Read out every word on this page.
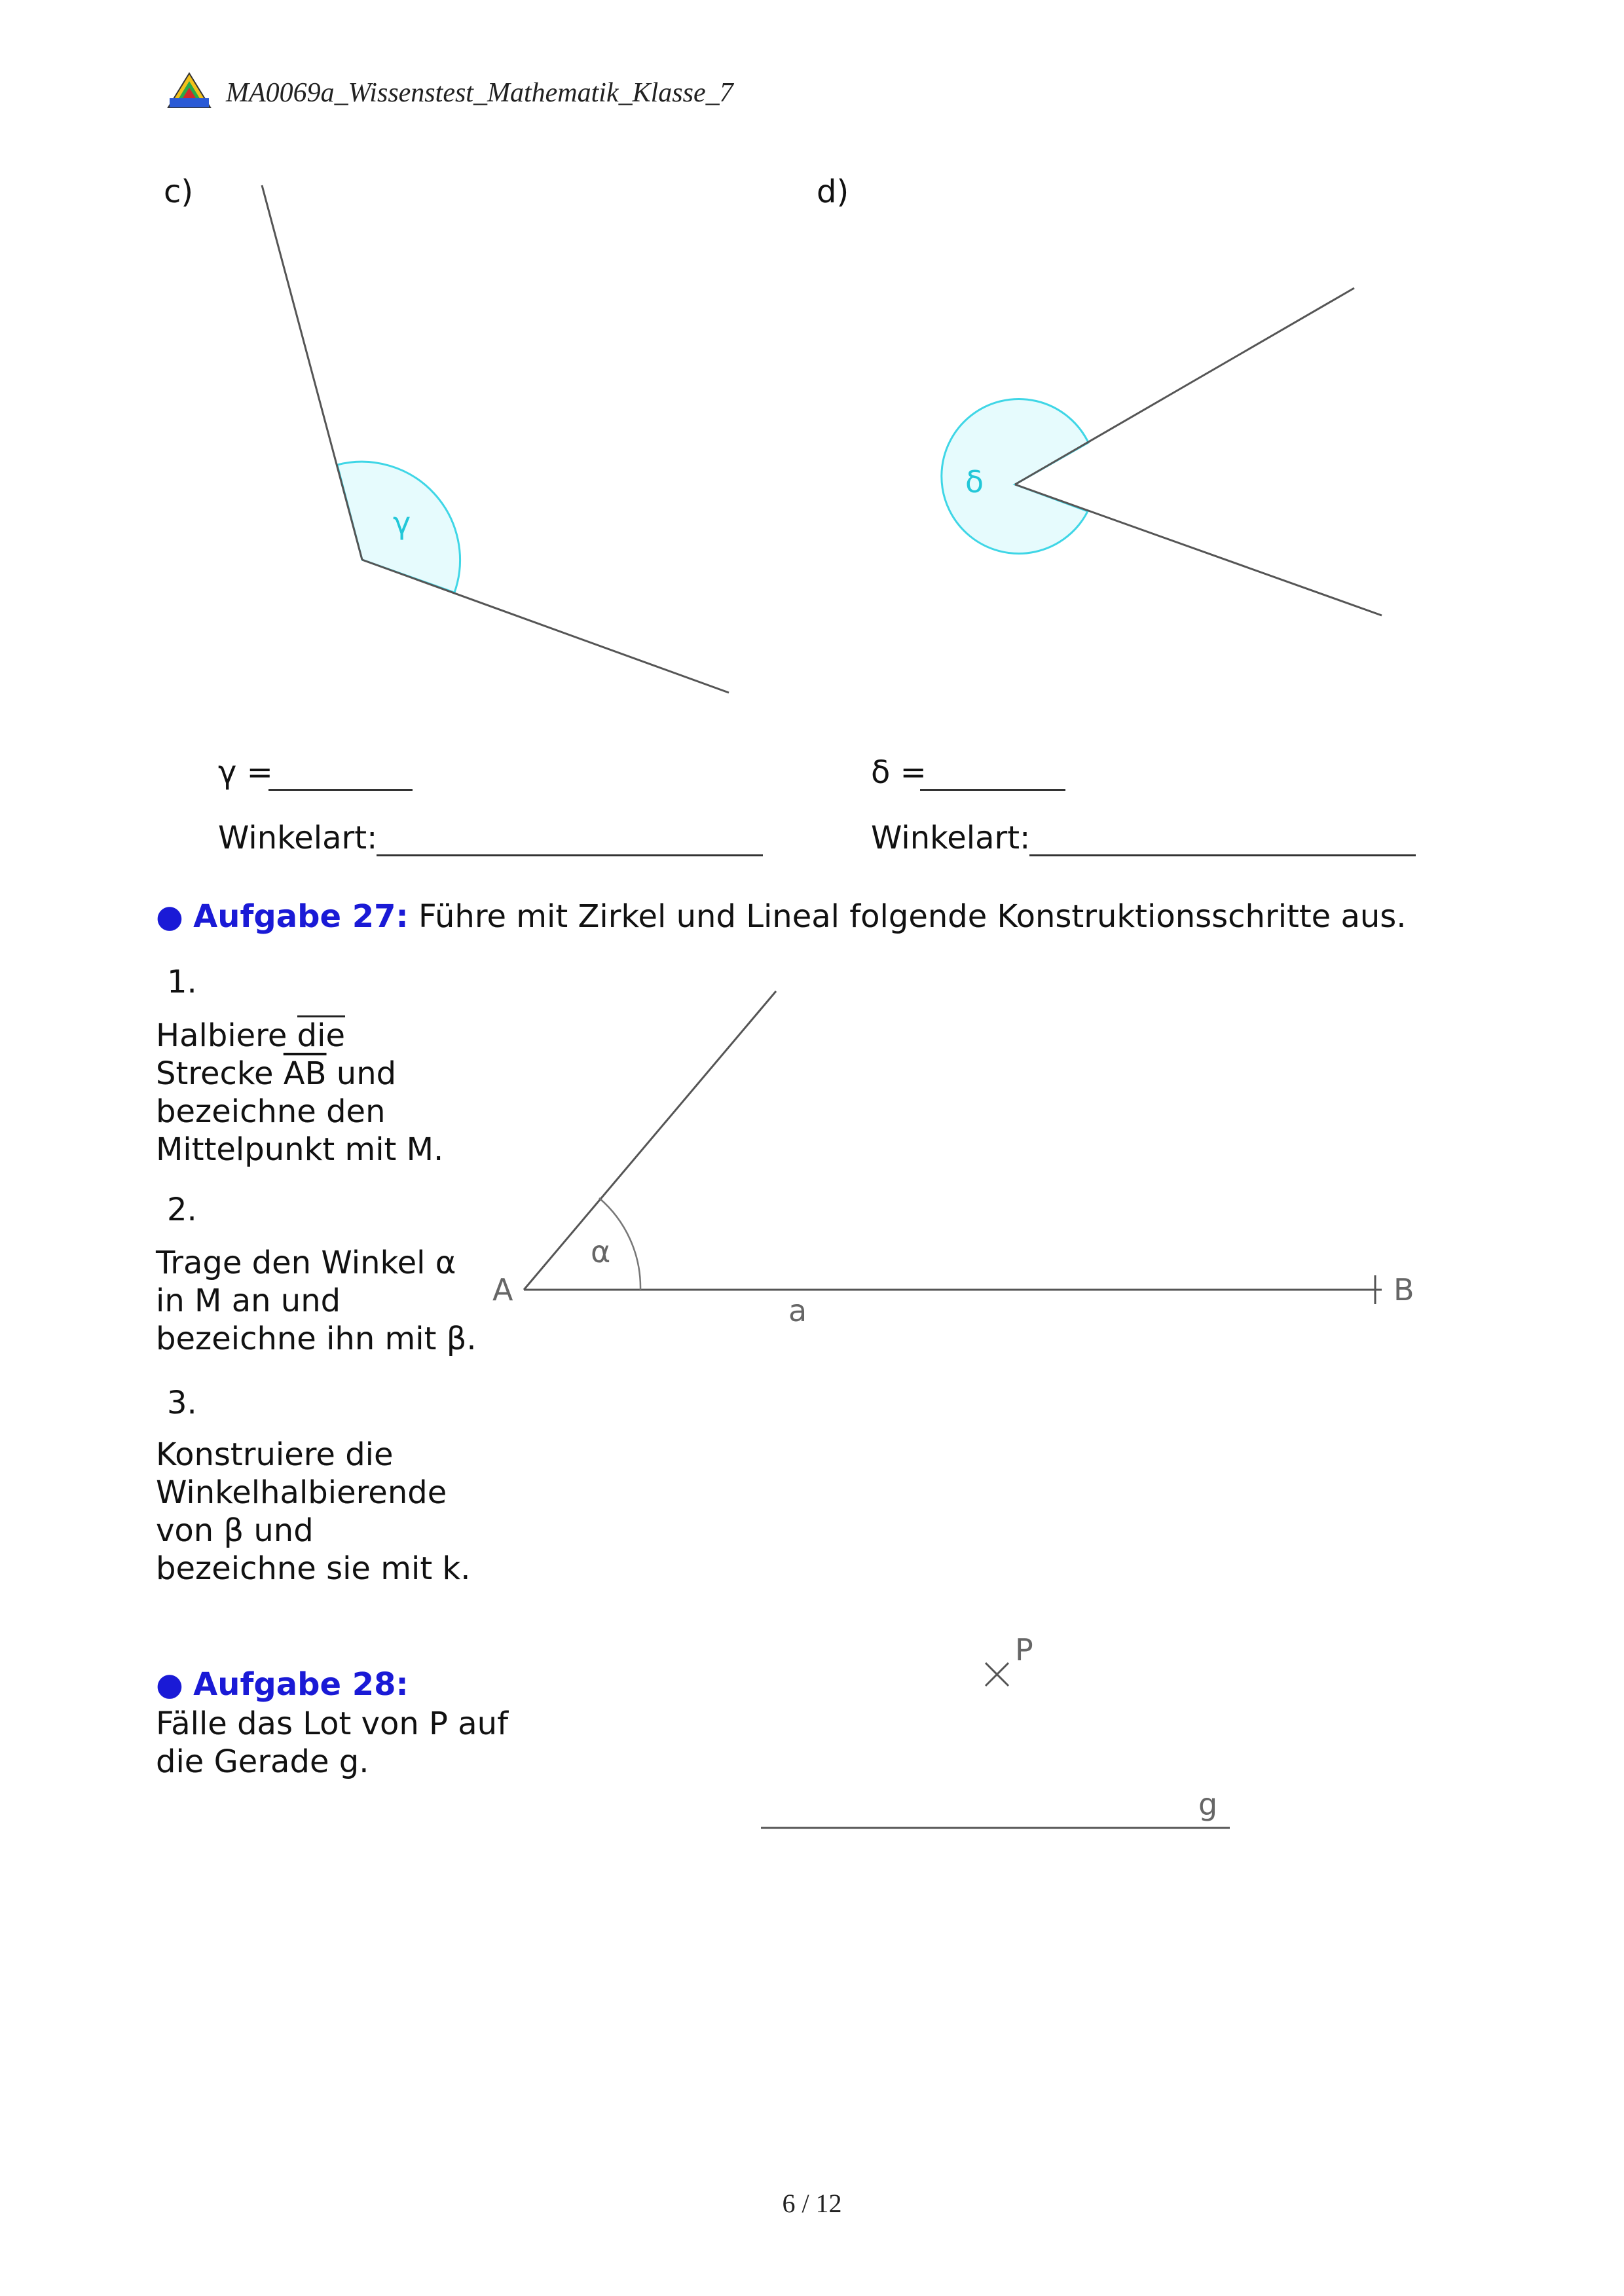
MA0069a_Wissenstest_Mathematik_Klasse_7
c)	d)
γ
δ
γ =
Winkelart:
δ =
Winkelart:
● Aufgabe 27: Führe mit Zirkel und Lineal folgende Konstruktionsschritte aus.
1.
Halbiere die
Strecke $\overline{AB}$ und
bezeichne den
Mittelpunkt mit M.
2.
Trage den Winkel α
in M an und
bezeichne ihn mit β.
3.
Konstruiere die
Winkelhalbierende
von β und
bezeichne sie mit k.
A	B
α
a
● Aufgabe 28:
Fälle das Lot von P auf
die Gerade g.
P
g
6 / 12
